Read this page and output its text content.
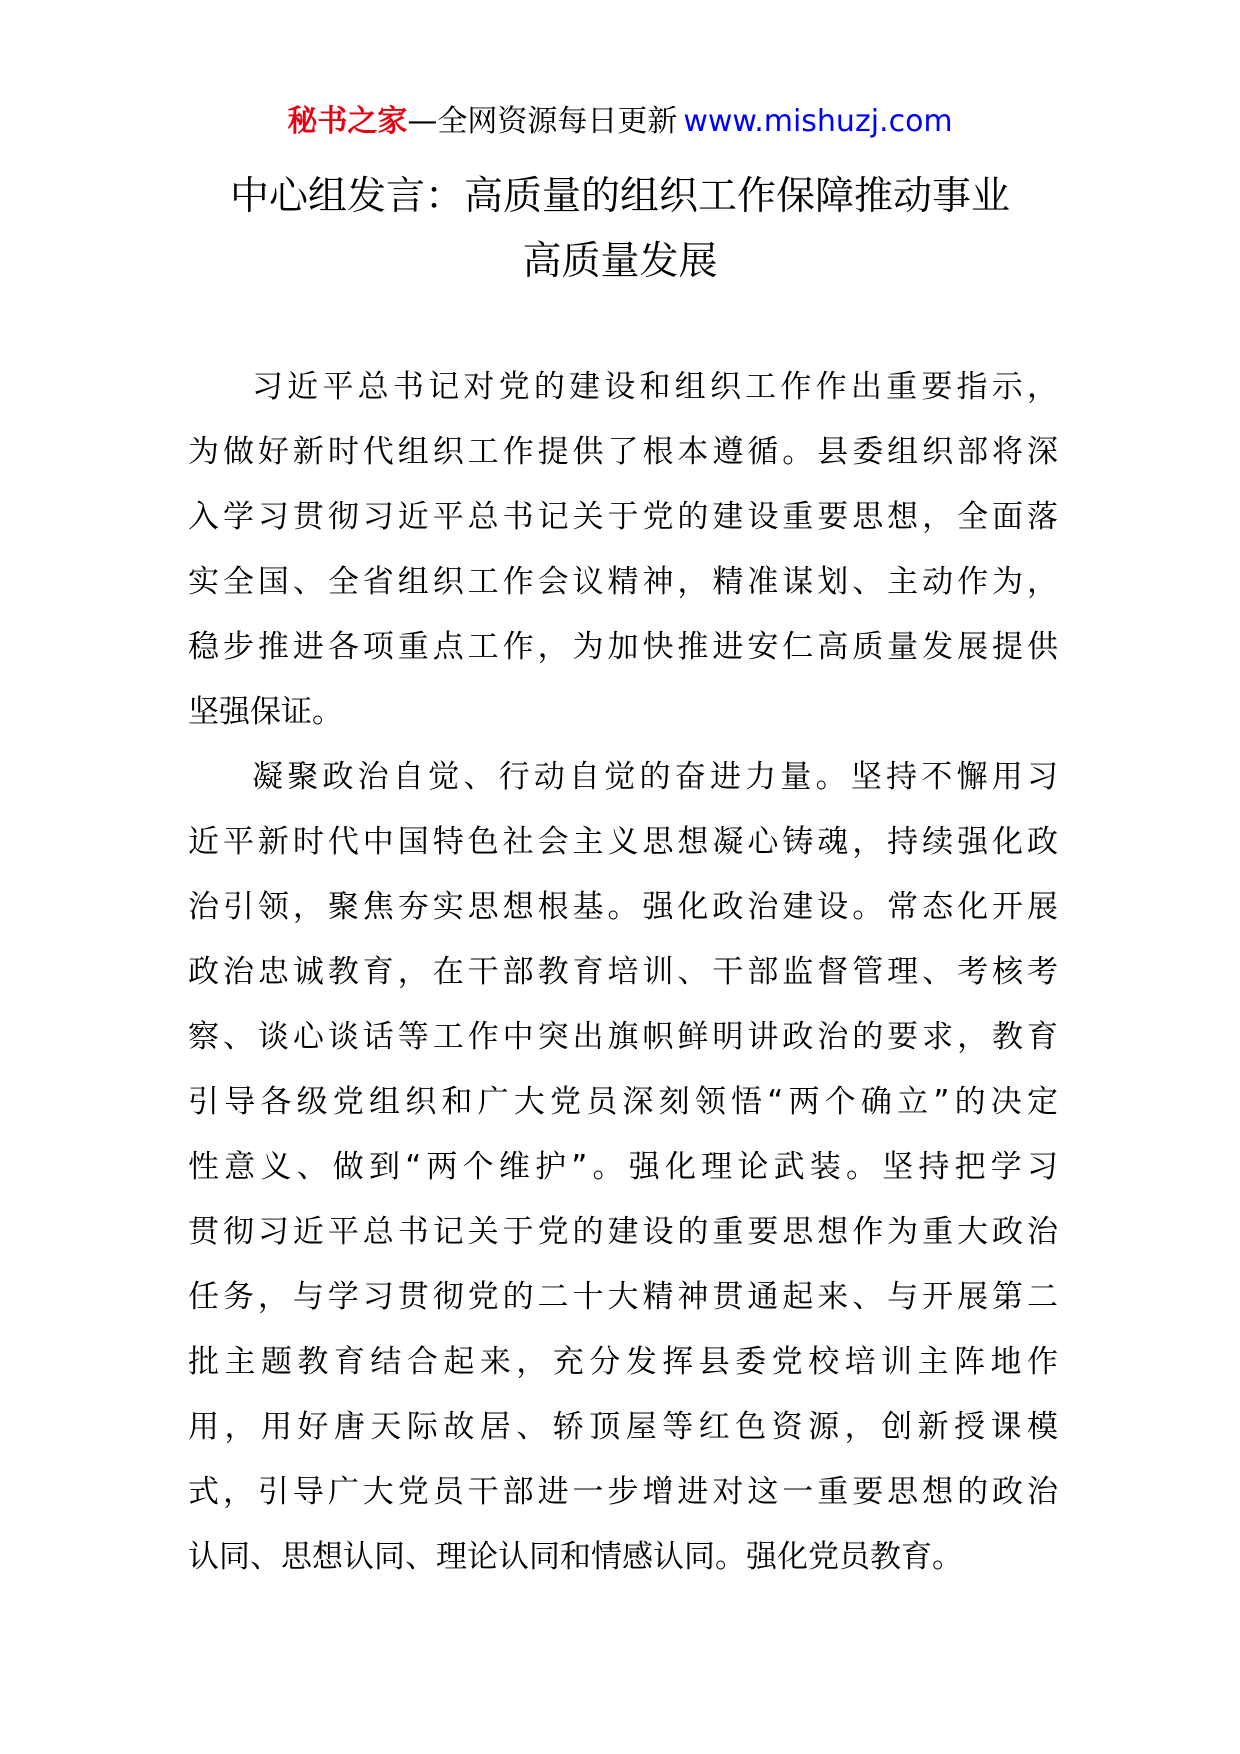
秘书之家—全网资源每日更新 www.mishuzj.com
中心组发言：高质量的组织工作保障推动事业
高质量发展

习近平总书记对党的建设和组织工作作出重要指示，
为做好新时代组织工作提供了根本遵循。县委组织部将深
入学习贯彻习近平总书记关于党的建设重要思想，全面落
实全国、全省组织工作会议精神，精准谋划、主动作为，
稳步推进各项重点工作，为加快推进安仁高质量发展提供
坚强保证。

凝聚政治自觉、行动自觉的奋进力量。坚持不懈用习
近平新时代中国特色社会主义思想凝心铸魂，持续强化政
治引领，聚焦夯实思想根基。强化政治建设。常态化开展
政治忠诚教育，在干部教育培训、干部监督管理、考核考
察、谈心谈话等工作中突出旗帜鲜明讲政治的要求，教育
引导各级党组织和广大党员深刻领悟“两个确立”的决定
性意义、做到“两个维护”。强化理论武装。坚持把学习
贯彻习近平总书记关于党的建设的重要思想作为重大政治
任务，与学习贯彻党的二十大精神贯通起来、与开展第二
批主题教育结合起来，充分发挥县委党校培训主阵地作
用，用好唐天际故居、轿顶屋等红色资源，创新授课模
式，引导广大党员干部进一步增进对这一重要思想的政治
认同、思想认同、理论认同和情感认同。强化党员教育。
